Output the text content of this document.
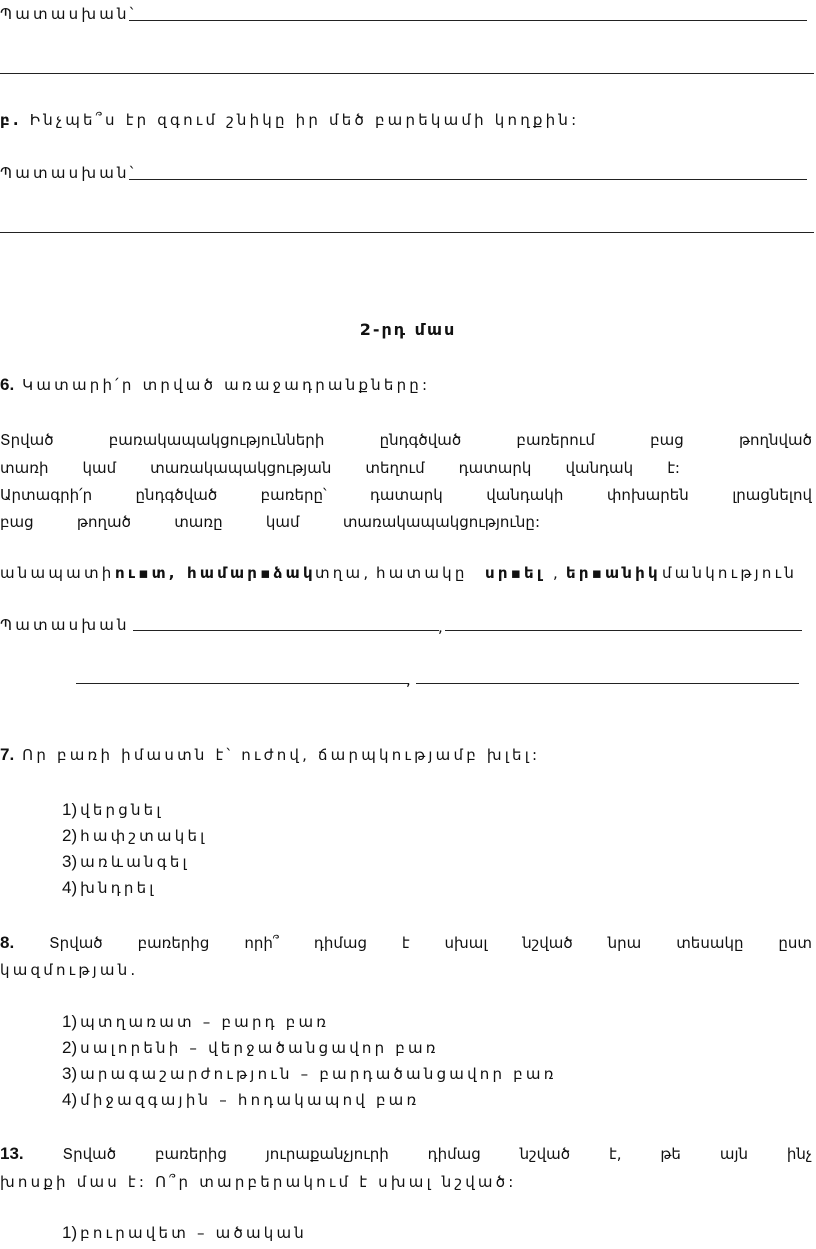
Պատասխան՝
բ. Ինչպե՞ս էր զգում շնիկը իր մեծ բարեկամի կողքին:
Պատասխան՝
2-րդ մաս
6. Կատարի՛ր տրված առաջադրանքները:
Տրված բառակապակցությունների ընդգծված բառերում բաց թողնված
տառի կամ տառակապակցության տեղում դատարկ վանդակ է:
Արտագրի՛ր ընդգծված բառերը՝ դատարկ վանդակի փոխարեն լրացնելով
բաց թողած տառը կամ տառակապակցությունը:
անապատի ու▪տ, համար▪ձակ տղա, հատակը սր▪ել , եր▪անիկ մանկություն
Պատասխան	,
,
7. Որ բառի իմաստն է՝ ուժով, ճարպկությամբ խլել:
1) վերցնել
2) հափշտակել
3) առևանգել
4) խնդրել
8. Տրված բառերից որի՞ դիմաց է սխալ նշված նրա տեսակը ըստ
կազմության.
1) պտղառատ – բարդ բառ
2) սալորենի – վերջածանցավոր բառ
3) արագաշարժություն – բարդածանցավոր բառ
4) միջազգային – հոդակապով բառ
13.	Տրված բառերից յուրաքանչյուրի դիմաց նշված է, թե այն ինչ
խոսքի մաս է: Ո՞ր տարբերակում է սխալ նշված:
1) բուրավետ – ածական
